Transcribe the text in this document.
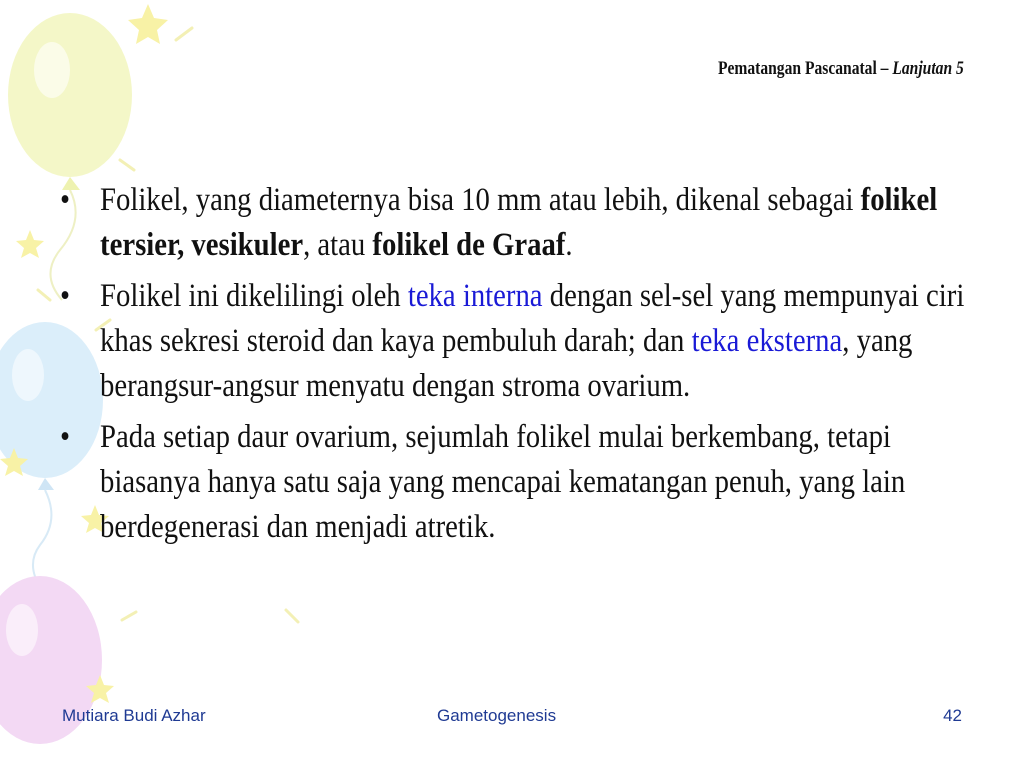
Pematangan Pascanatal – Lanjutan 5
• Folikel, yang diameternya bisa 10 mm atau lebih, dikenal sebagai folikel tersier, vesikuler, atau folikel de Graaf.
• Folikel ini dikelilingi oleh teka interna dengan sel-sel yang mempunyai ciri khas sekresi steroid dan kaya pembuluh darah; dan teka eksterna, yang berangsur-angsur menyatu dengan stroma ovarium.
• Pada setiap daur ovarium, sejumlah folikel mulai berkembang, tetapi biasanya hanya satu saja yang mencapai kematangan penuh, yang lain berdegenerasi dan menjadi atretik.
Mutiara Budi Azhar	Gametogenesis	42
